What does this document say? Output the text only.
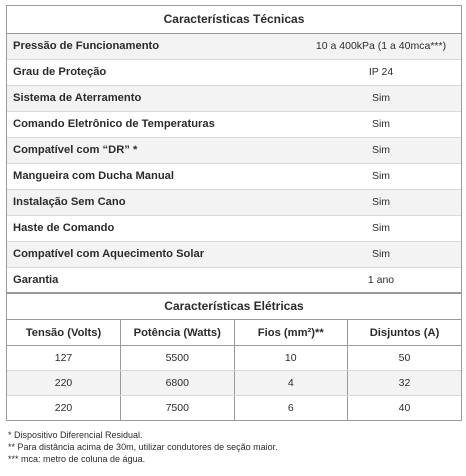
Características Técnicas
Pressão de Funcionamento	10 a 400kPa (1 a 40mca***)
Grau de Proteção	IP 24
Sistema de Aterramento	Sim
Comando Eletrônico de Temperaturas	Sim
Compatível com “DR” *	Sim
Mangueira com Ducha Manual	Sim
Instalação Sem Cano	Sim
Haste de Comando	Sim
Compatível com Aquecimento Solar	Sim
Garantia	1 ano
Características Elétricas
Tensão (Volts)	Potência (Watts)	Fios (mm²)**	Disjuntos (A)
127	5500	10	50
220	6800	4	32
220	7500	6	40
* Dispositivo Diferencial Residual.
** Para distância acima de 30m, utilizar condutores de seção maior.
*** mca: metro de coluna de água.
